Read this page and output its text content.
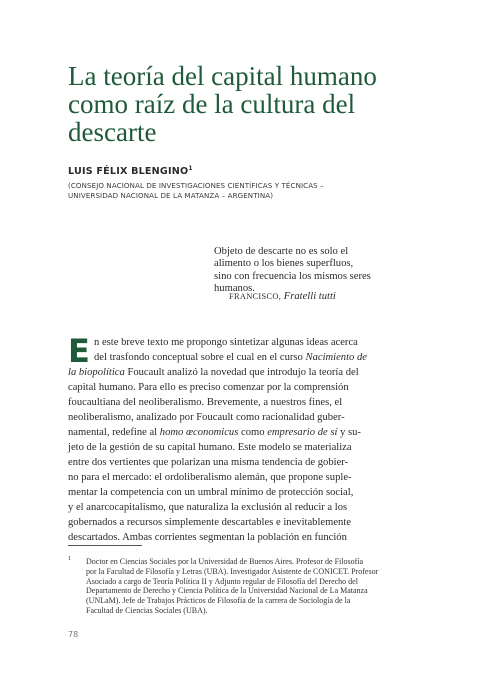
La teoría del capital humano como raíz de la cultura del descarte

LUIS FÉLIX BLENGINO$^1$

(CONSEJO NACIONAL DE INVESTIGACIONES CIENTÍFICAS Y TÉCNICAS –
UNIVERSIDAD NACIONAL DE LA MATANZA – ARGENTINA)

Objeto de descarte no es solo el
alimento o los bienes superfluos,
sino con frecuencia los mismos seres
humanos.

FRANCISCO, Fratelli tutti

E n este breve texto me propongo sintetizar algunas ideas acerca
del trasfondo conceptual sobre el cual en el curso Nacimiento de
la biopolítica Foucault analizó la novedad que introdujo la teoría del
capital humano. Para ello es preciso comenzar por la comprensión
foucaultiana del neoliberalismo. Brevemente, a nuestros fines, el
neoliberalismo, analizado por Foucault como racionalidad guber-
namental, redefine al homo œconomicus como empresario de sí y su-
jeto de la gestión de su capital humano. Este modelo se materializa
entre dos vertientes que polarizan una misma tendencia de gobier-
no para el mercado: el ordoliberalismo alemán, que propone suple-
mentar la competencia con un umbral mínimo de protección social,
y el anarcocapitalismo, que naturaliza la exclusión al reducir a los
gobernados a recursos simplemente descartables e inevitablemente
descartados. Ambas corrientes segmentan la población en función

1 Doctor en Ciencias Sociales por la Universidad de Buenos Aires. Profesor de Filosofía
por la Facultad de Filosofía y Letras (UBA). Investigador Asistente de CONICET. Profesor
Asociado a cargo de Teoría Política II y Adjunto regular de Filosofía del Derecho del
Departamento de Derecho y Ciencia Política de la Universidad Nacional de La Matanza
(UNLaM). Jefe de Trabajos Prácticos de Filosofía de la carrera de Sociología de la
Facultad de Ciencias Sociales (UBA).

78
